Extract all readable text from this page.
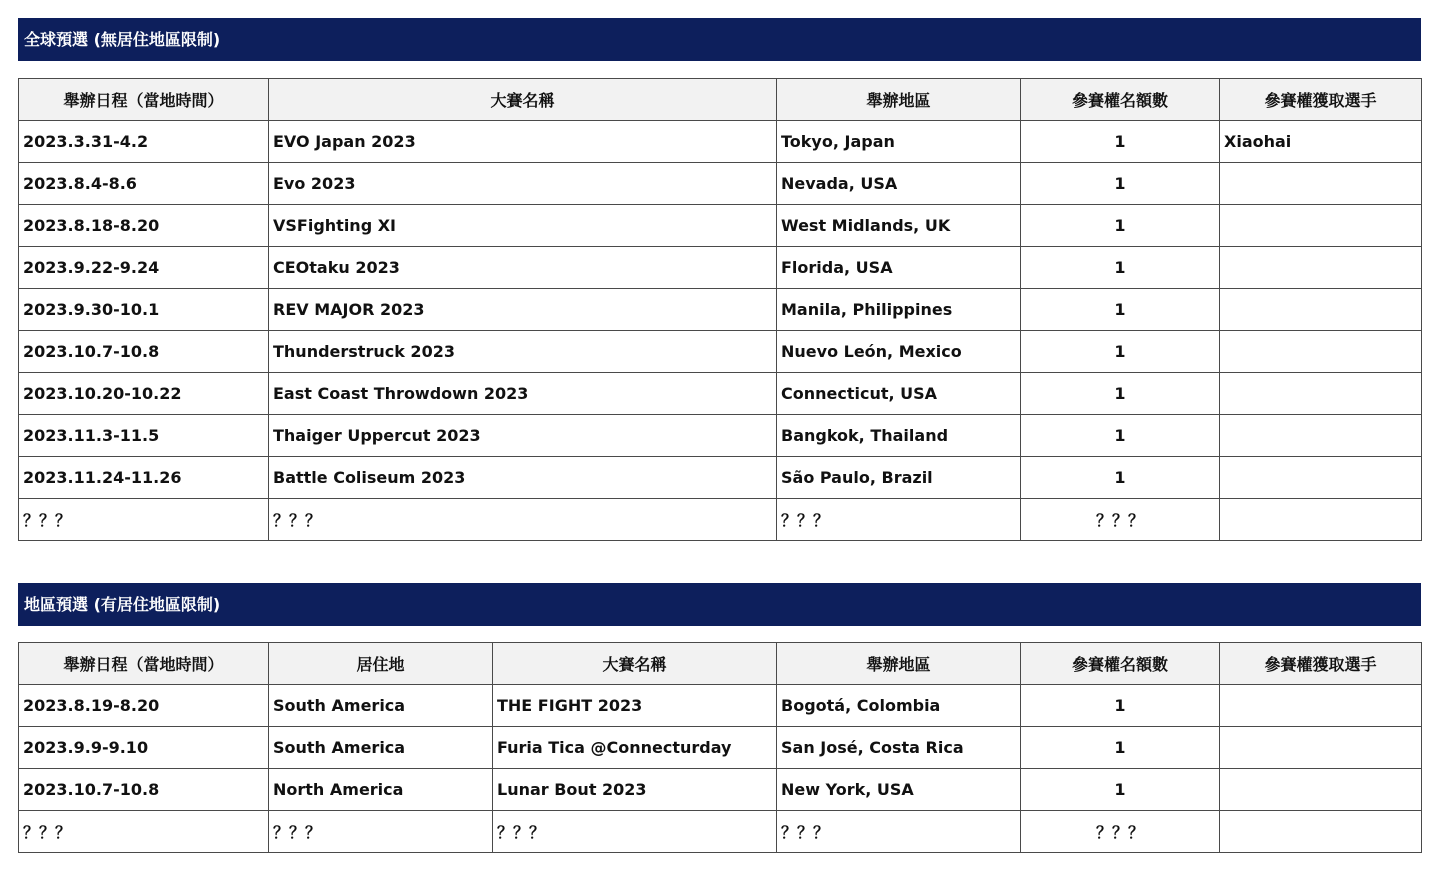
全球預選 (無居住地區限制)
舉辦日程（當地時間）	大賽名稱	舉辦地區	參賽權名額數	參賽權獲取選手
2023.3.31-4.2	EVO Japan 2023	Tokyo, Japan	1	Xiaohai
2023.8.4-8.6	Evo 2023	Nevada, USA	1	
2023.8.18-8.20	VSFighting XI	West Midlands, UK	1	
2023.9.22-9.24	CEOtaku 2023	Florida, USA	1	
2023.9.30-10.1	REV MAJOR 2023	Manila, Philippines	1	
2023.10.7-10.8	Thunderstruck 2023	Nuevo León, Mexico	1	
2023.10.20-10.22	East Coast Throwdown 2023	Connecticut, USA	1	
2023.11.3-11.5	Thaiger Uppercut 2023	Bangkok, Thailand	1	
2023.11.24-11.26	Battle Coliseum 2023	São Paulo, Brazil	1	
？？？	？？？	？？？	？？？	
地區預選 (有居住地區限制)
舉辦日程（當地時間）	居住地	大賽名稱	舉辦地區	參賽權名額數	參賽權獲取選手
2023.8.19-8.20	South America	THE FIGHT 2023	Bogotá, Colombia	1	
2023.9.9-9.10	South America	Furia Tica @Connecturday	San José, Costa Rica	1	
2023.10.7-10.8	North America	Lunar Bout 2023	New York, USA	1	
？？？	？？？	？？？	？？？	？？？	
